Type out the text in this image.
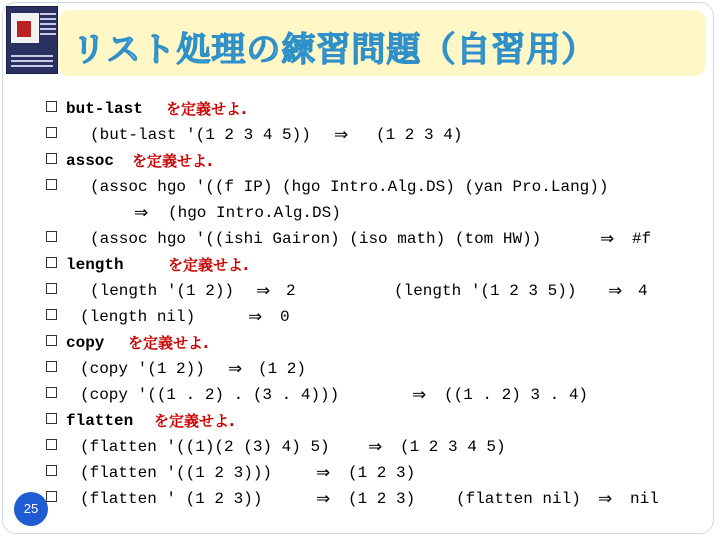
リスト処理の練習問題（自習用）
but-last を定義せよ.
(but-last '(1 2 3 4 5)) ⇒ (1 2 3 4)
assoc を定義せよ.
(assoc hgo '((f IP) (hgo Intro.Alg.DS) (yan Pro.Lang))
⇒ (hgo Intro.Alg.DS)
(assoc hgo '((ishi Gairon) (iso math) (tom HW))	⇒ #f
length	を定義せよ.
(length '(1 2)) ⇒ 2	(length '(1 2 3 5)) ⇒ 4
(length nil)	⇒ 0
copy を定義せよ.
(copy '(1 2)) ⇒ (1 2)
(copy '((1 . 2) . (3 . 4)))	⇒ ((1 . 2) 3 . 4)
flatten を定義せよ.
(flatten '((1)(2 (3) 4) 5) ⇒ (1 2 3 4 5)
(flatten '((1 2 3)))	⇒ (1 2 3)
(flatten ' (1 2 3))	⇒ (1 2 3)	(flatten nil) ⇒ nil
25
